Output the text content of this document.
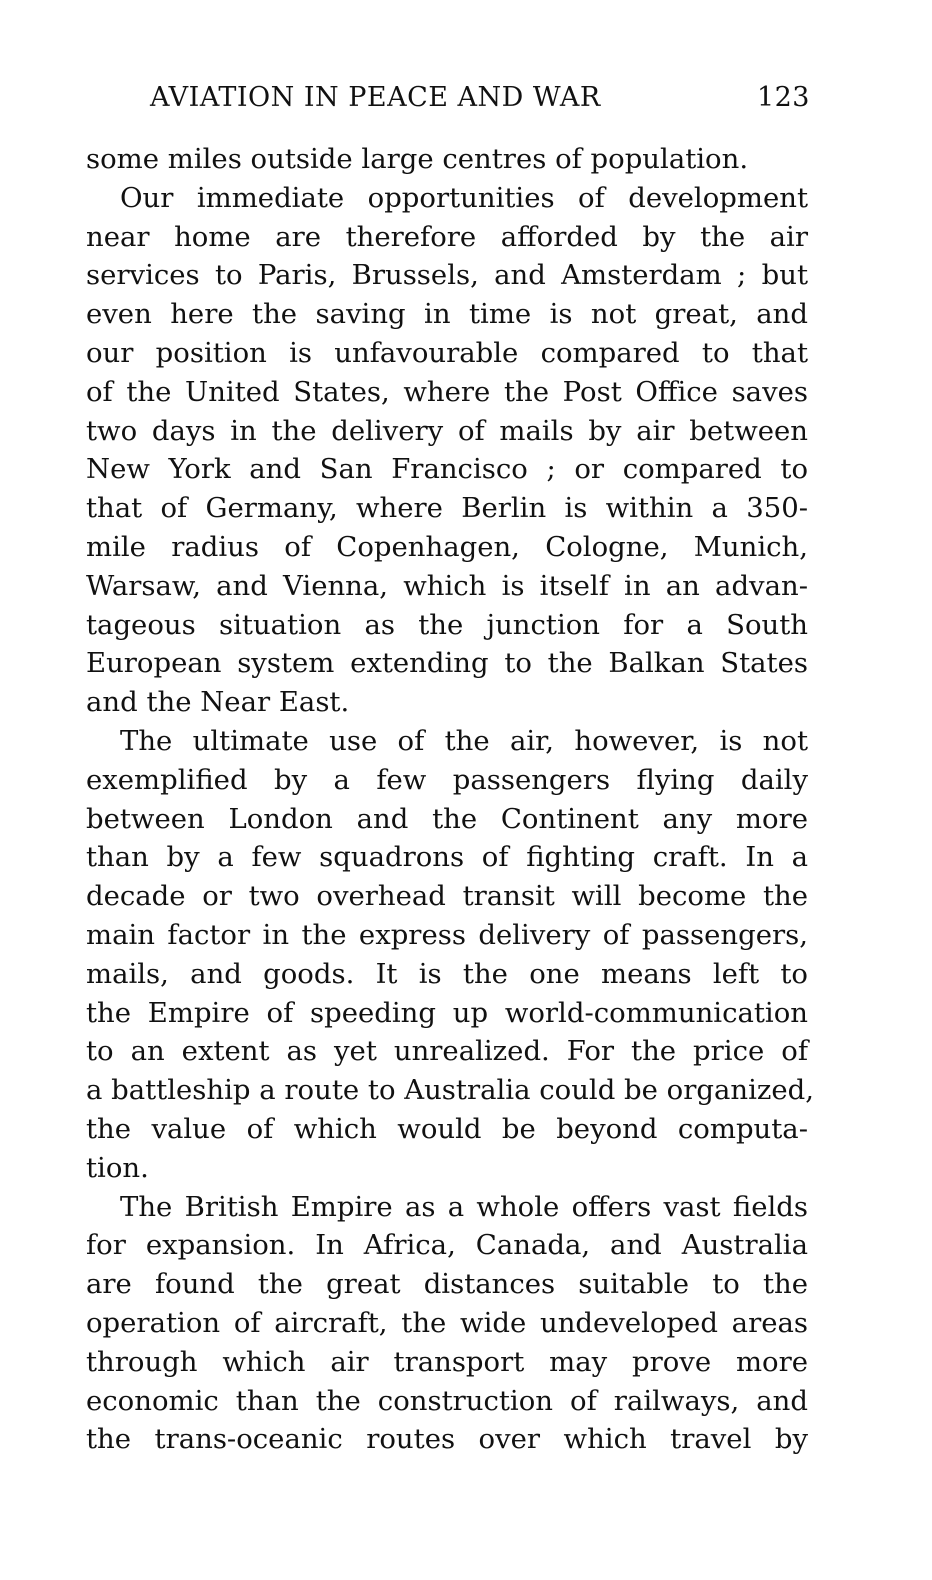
AVIATION IN PEACE AND WAR	123
some miles outside large centres of population.
Our immediate opportunities of development
near home are therefore afforded by the air
services to Paris, Brussels, and Amsterdam ; but
even here the saving in time is not great, and
our position is unfavourable compared to that
of the United States, where the Post Office saves
two days in the delivery of mails by air between
New York and San Francisco ; or compared to
that of Germany, where Berlin is within a 350-
mile radius of Copenhagen, Cologne, Munich,
Warsaw, and Vienna, which is itself in an advan-
tageous situation as the junction for a South
European system extending to the Balkan States
and the Near East.
The ultimate use of the air, however, is not
exemplified by a few passengers flying daily
between London and the Continent any more
than by a few squadrons of fighting craft. In a
decade or two overhead transit will become the
main factor in the express delivery of passengers,
mails, and goods. It is the one means left to
the Empire of speeding up world-communication
to an extent as yet unrealized. For the price of
a battleship a route to Australia could be organized,
the value of which would be beyond computa-
tion.
The British Empire as a whole offers vast fields
for expansion. In Africa, Canada, and Australia
are found the great distances suitable to the
operation of aircraft, the wide undeveloped areas
through which air transport may prove more
economic than the construction of railways, and
the trans-oceanic routes over which travel by
